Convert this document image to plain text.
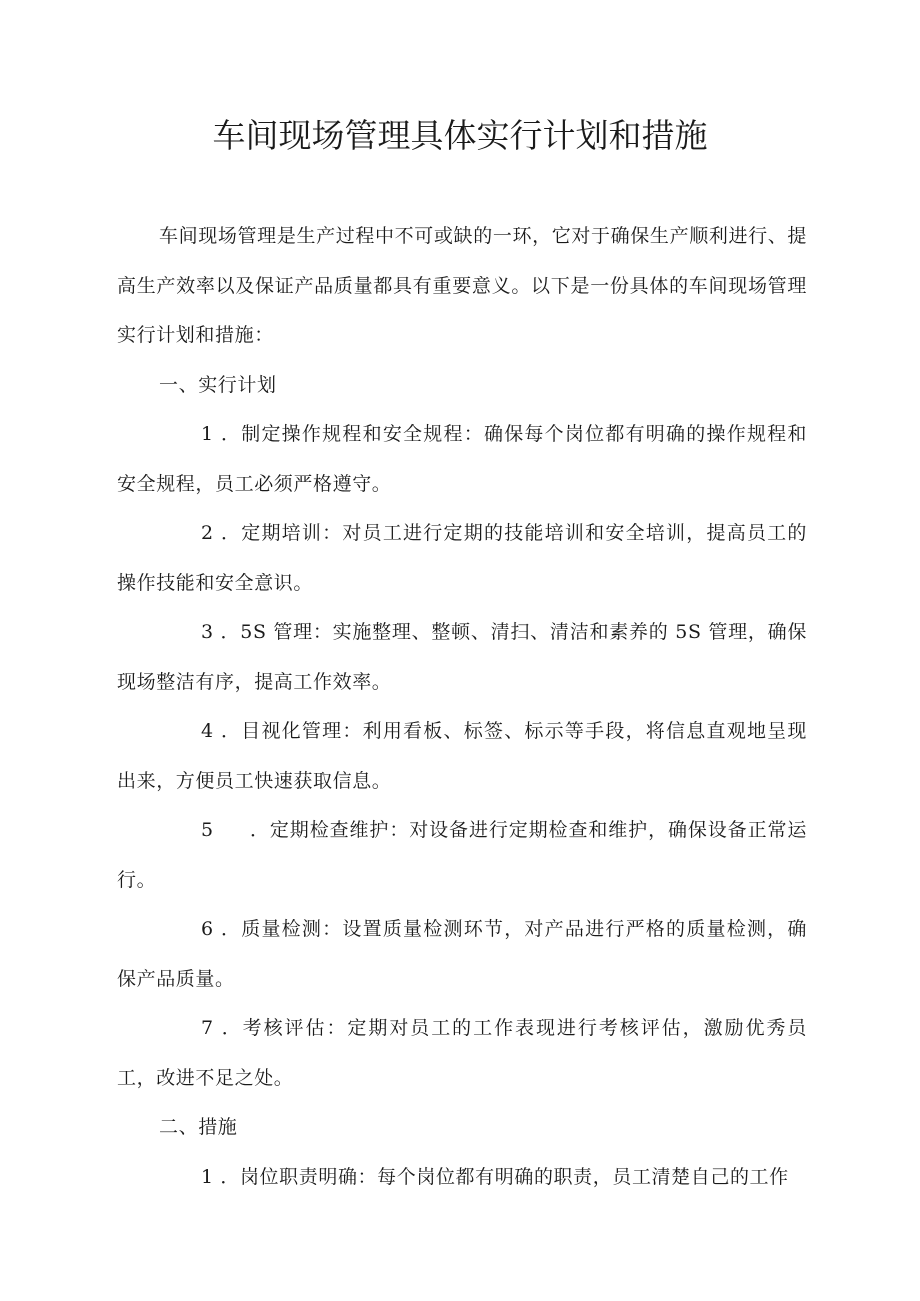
车间现场管理具体实行计划和措施

车间现场管理是生产过程中不可或缺的一环，它对于确保生产顺利进行、提高生产效率以及保证产品质量都具有重要意义。以下是一份具体的车间现场管理实行计划和措施：

一、实行计划

1 ．制定操作规程和安全规程：确保每个岗位都有明确的操作规程和安全规程，员工必须严格遵守。

2 ．定期培训：对员工进行定期的技能培训和安全培训，提高员工的操作技能和安全意识。

3 ．5S 管理：实施整理、整顿、清扫、清洁和素养的 5S 管理，确保现场整洁有序，提高工作效率。

4 ．目视化管理：利用看板、标签、标示等手段，将信息直观地呈现出来，方便员工快速获取信息。

5 ．定期检查维护：对设备进行定期检查和维护，确保设备正常运行。

6 ．质量检测：设置质量检测环节，对产品进行严格的质量检测，确保产品质量。

7 ．考核评估：定期对员工的工作表现进行考核评估，激励优秀员工，改进不足之处。

二、措施

1 ．岗位职责明确：每个岗位都有明确的职责，员工清楚自己的工作
